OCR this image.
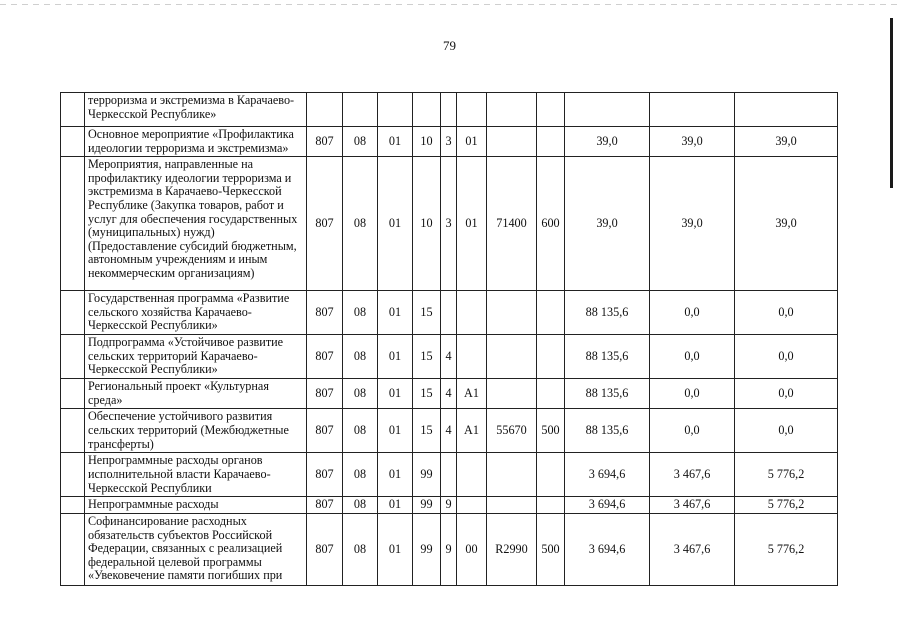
79
	терроризма и экстремизма в Карачаево-Черкесской Республике»											
	Основное мероприятие «Профилактика идеологии терроризма и экстремизма»	807	08	01	10	3	01			39,0	39,0	39,0
	Мероприятия, направленные на профилактику идеологии терроризма и экстремизма в Карачаево-Черкесской Республике (Закупка товаров, работ и услуг для обеспечения государственных (муниципальных) нужд) (Предоставление субсидий бюджетным, автономным учреждениям и иным некоммерческим организациям)	807	08	01	10	3	01	71400	600	39,0	39,0	39,0
	Государственная программа «Развитие сельского хозяйства Карачаево-Черкесской Республики»	807	08	01	15					88 135,6	0,0	0,0
	Подпрограмма «Устойчивое развитие сельских территорий Карачаево-Черкесской Республики»	807	08	01	15	4				88 135,6	0,0	0,0
	Региональный проект «Культурная среда»	807	08	01	15	4	A1			88 135,6	0,0	0,0
	Обеспечение устойчивого развития сельских территорий (Межбюджетные трансферты)	807	08	01	15	4	A1	55670	500	88 135,6	0,0	0,0
	Непрограммные расходы органов исполнительной власти Карачаево-Черкесской Республики	807	08	01	99					3 694,6	3 467,6	5 776,2
	Непрограммные расходы	807	08	01	99	9				3 694,6	3 467,6	5 776,2
	Софинансирование расходных обязательств субъектов Российской Федерации, связанных с реализацией федеральной целевой программы «Увековечение памяти погибших при	807	08	01	99	9	00	R2990	500	3 694,6	3 467,6	5 776,2
